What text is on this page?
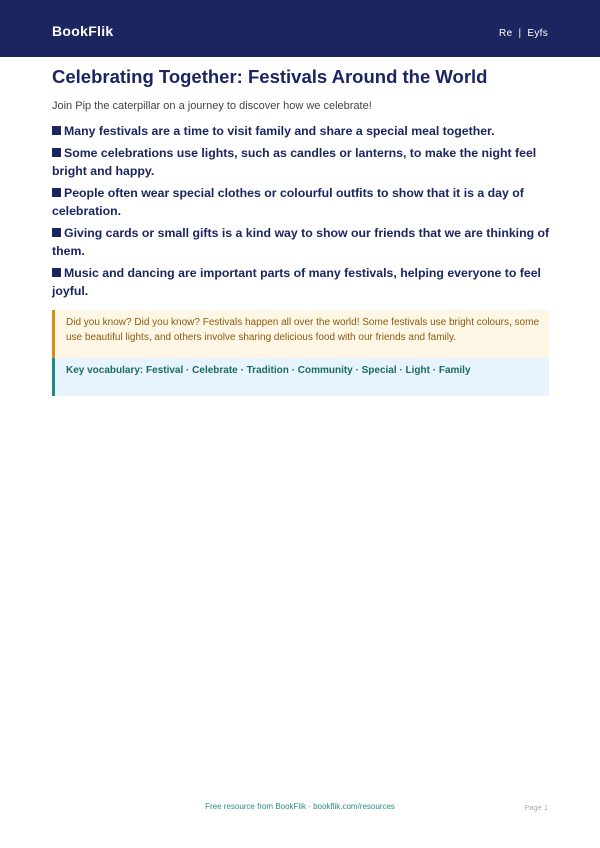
BookFlik	Re | Eyfs
Celebrating Together: Festivals Around the World

Join Pip the caterpillar on a journey to discover how we celebrate!

Many festivals are a time to visit family and share a special meal together.
Some celebrations use lights, such as candles or lanterns, to make the night feel bright and happy.
People often wear special clothes or colourful outfits to show that it is a day of celebration.
Giving cards or small gifts is a kind way to show our friends that we are thinking of them.
Music and dancing are important parts of many festivals, helping everyone to feel joyful.
Did you know? Did you know? Festivals happen all over the world! Some festivals use bright colours, some use beautiful lights, and others involve sharing delicious food with our friends and family.
Key vocabulary: Festival · Celebrate · Tradition · Community · Special · Light · Family
Free resource from BookFlik · bookflik.com/resources	Page 1
